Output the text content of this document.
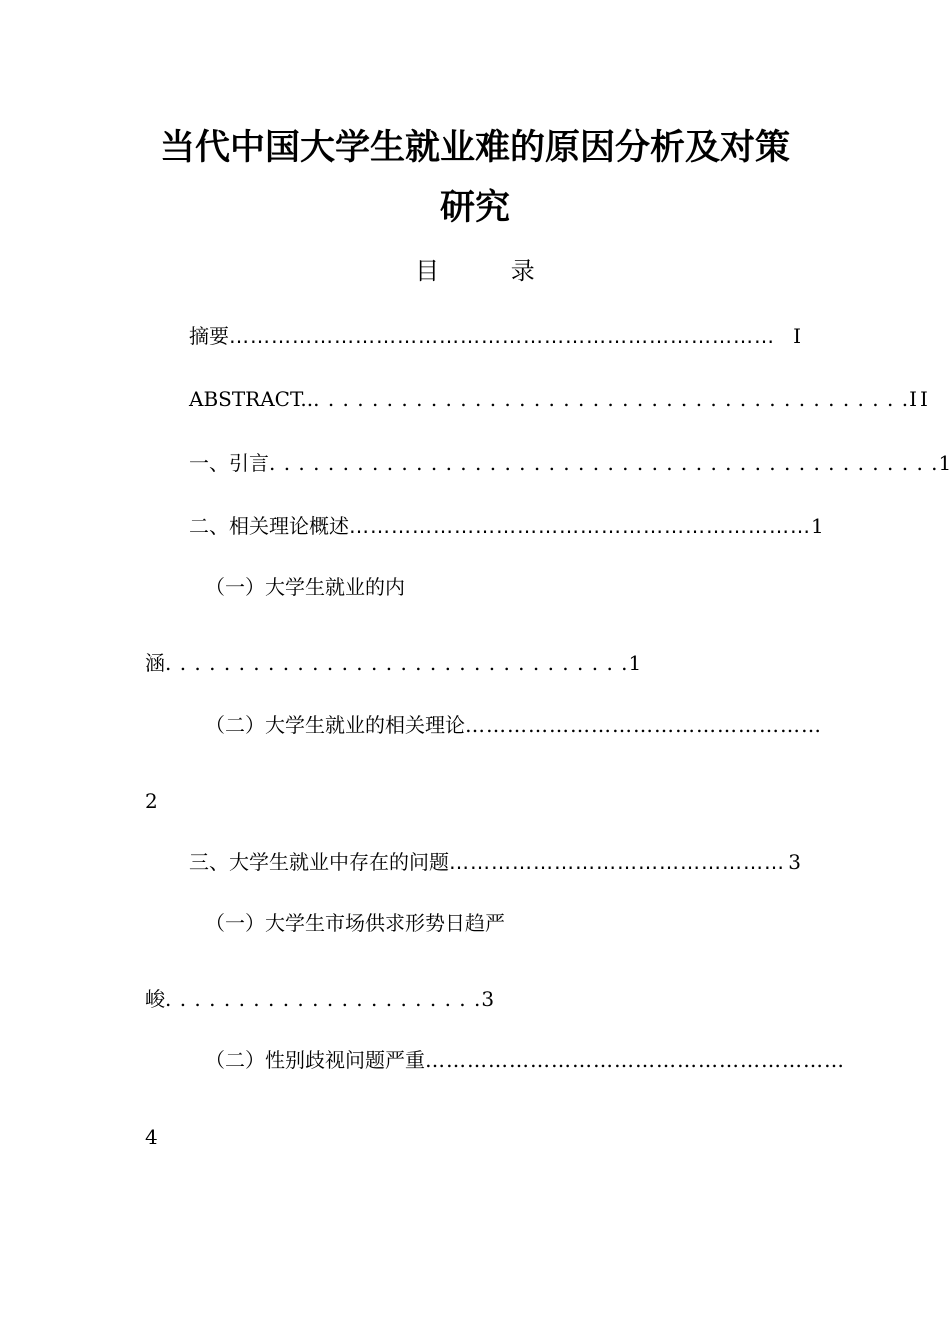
当代中国大学生就业难的原因分析及对策
研究
目 录
摘要 …………………………………………………………………… I
ABSTRACT.. . . . . . . . . . . . . . . . . . . . . . . . . . . . . . . . . . . . . . . . . . II
一、引言 . . . . . . . . . . . . . . . . . . . . . . . . . . . . . . . . . . . . . . . . . . . . . . 1
二、相关理论概述 ………………………………………………………… 1
（一）大学生就业的内
涵 . . . . . . . . . . . . . . . . . . . . . . . . . . . . . . . . 1
（二）大学生就业的相关理论 ……………………………………………
2
三、大学生就业中存在的问题 ………………………………………… 3
（一）大学生市场供求形势日趋严
峻 . . . . . . . . . . . . . . . . . . . . . . 3
（二）性别歧视问题严重 ……………………………………………………
4
